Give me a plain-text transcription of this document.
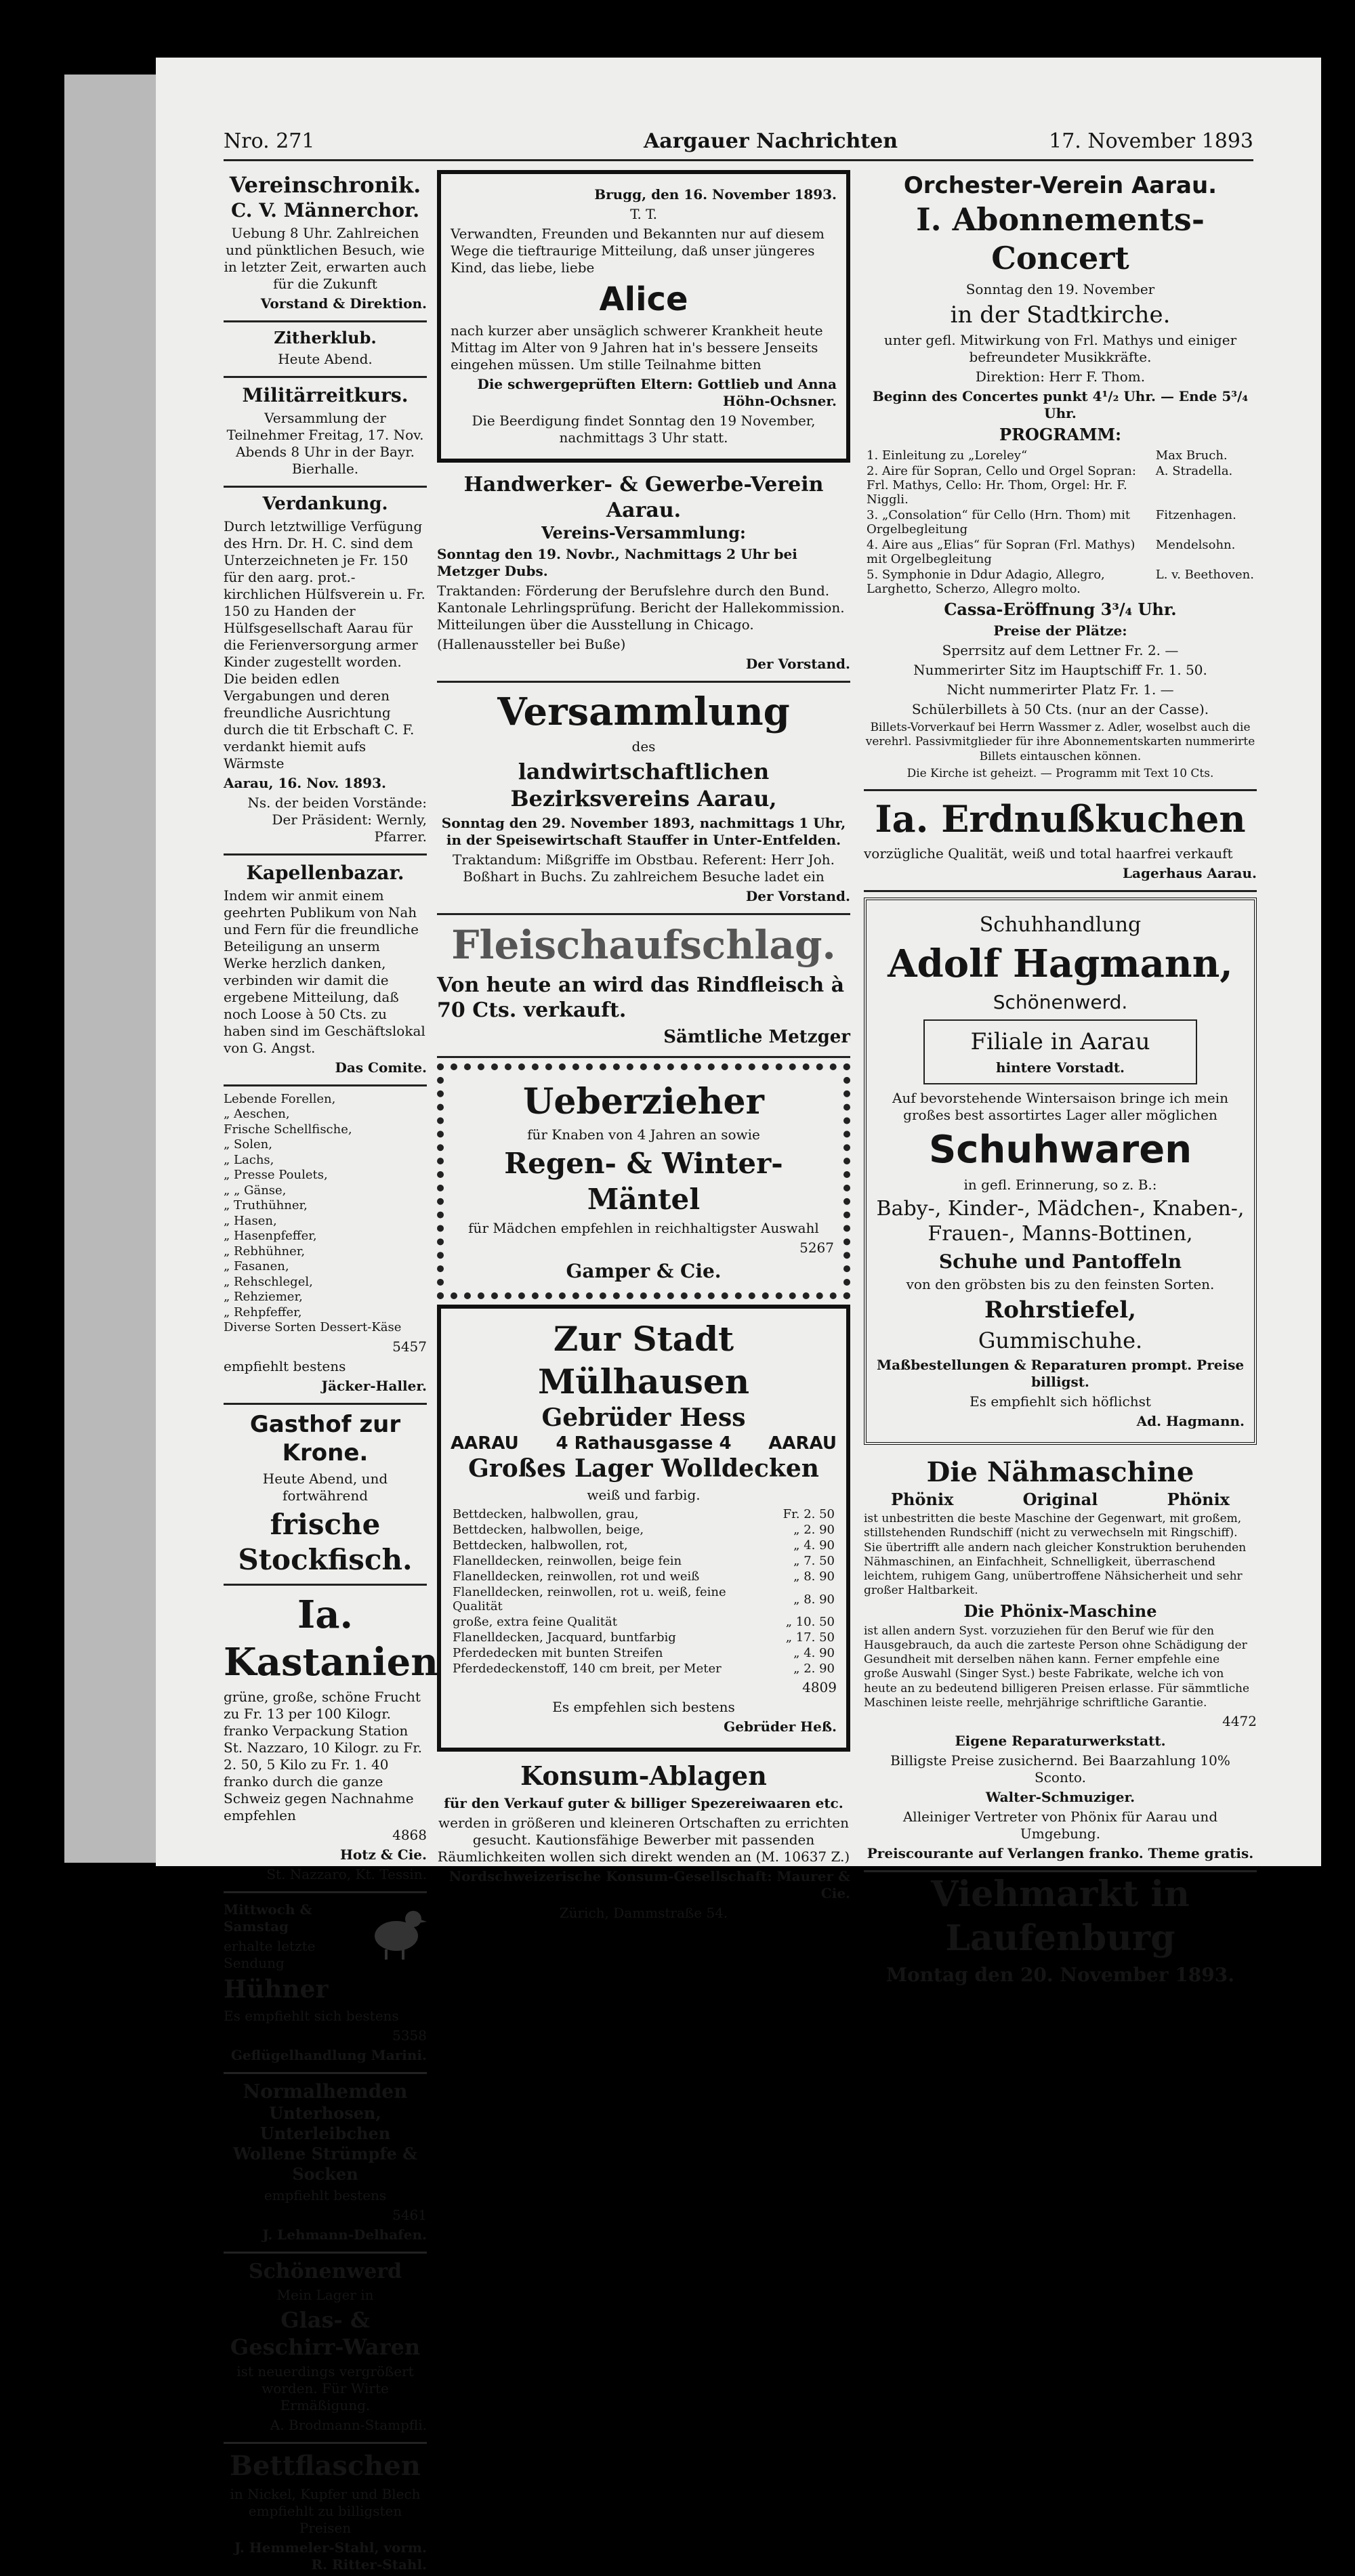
Nro. 271	Aargauer Nachrichten	17. November 1893

Vereinschronik.

C. V. Männerchor.

Uebung 8 Uhr. Zahlreichen und pünktlichen Besuch, wie in letzter Zeit, erwarten auch für die Zukunft

Vorstand & Direktion.

Zitherklub.

Heute Abend.

Militärreitkurs.

Versammlung der Teilnehmer Freitag, 17. Nov. Abends 8 Uhr in der Bayr. Bierhalle.

Verdankung.

Durch letztwillige Verfügung des Hrn. Dr. H. C. sind dem Unterzeichneten je Fr. 150 für den aarg. prot.-kirchlichen Hülfsverein u. Fr. 150 zu Handen der Hülfsgesellschaft Aarau für die Ferienversorgung armer Kinder zugestellt worden. Die beiden edlen Vergabungen und deren freundliche Ausrichtung durch die tit Erbschaft C. F. verdankt hiemit aufs Wärmste

Aarau, 16. Nov. 1893.

Ns. der beiden Vorstände: Der Präsident: Wernly, Pfarrer.

Kapellenbazar.

Indem wir anmit einem geehrten Publikum von Nah und Fern für die freundliche Beteiligung an unserm Werke herzlich danken, verbinden wir damit die ergebene Mitteilung, daß noch Loose à 50 Cts. zu haben sind im Geschäftslokal von G. Angst.

Das Comite.

Lebende Forellen,

„ Aeschen,

Frische Schellfische,

„ Solen,

„ Lachs,

„ Presse Poulets,

„ „ Gänse,

„ Truthühner,

„ Hasen,

„ Hasenpfeffer,

„ Rebhühner,

„ Fasanen,

„ Rehschlegel,

„ Rehziemer,

„ Rehpfeffer,

Diverse Sorten Dessert-Käse

5457

empfiehlt bestens

Jäcker-Haller.

Gasthof zur Krone.

Heute Abend, und fortwährend

frische Stockfisch.

Ia. Kastanien

grüne, große, schöne Frucht zu Fr. 13 per 100 Kilogr. franko Verpackung Station St. Nazzaro, 10 Kilogr. zu Fr. 2. 50, 5 Kilo zu Fr. 1. 40 franko durch die ganze Schweiz gegen Nachnahme empfehlen

4868

Hotz & Cie.

St. Nazzaro, Kt. Tessin.

Mittwoch & Samstag

erhalte letzte Sendung

Hühner

Es empfiehlt sich bestens

5358

Geflügelhandlung Marini.

Normalhemden

Unterhosen, Unterleibchen

Wollene Strümpfe & Socken

empfiehlt bestens

5461

J. Lehmann-Delhafen.

Schönenwerd

Mein Lager in

Glas- & Geschirr-Waren

ist neuerdings vergrößert worden. Für Wirte Ermäßigung.

A. Brodmann-Stampfli.

Bettflaschen

in Nickel, Kupfer und Blech empfiehlt zu billigsten Preisen

J. Hemmeler-Stahl, vorm. R. Ritter-Stahl.

Brugg, den 16. November 1893.

T. T.

Verwandten, Freunden und Bekannten nur auf diesem Wege die tieftraurige Mitteilung, daß unser jüngeres Kind, das liebe, liebe

Alice

nach kurzer aber unsäglich schwerer Krankheit heute Mittag im Alter von 9 Jahren hat in's bessere Jenseits eingehen müssen. Um stille Teilnahme bitten

Die schwergeprüften Eltern: Gottlieb und Anna Höhn-Ochsner.

Die Beerdigung findet Sonntag den 19 November, nachmittags 3 Uhr statt.

Handwerker- & Gewerbe-Verein Aarau.

Vereins-Versammlung:

Sonntag den 19. Novbr., Nachmittags 2 Uhr bei Metzger Dubs.

Traktanden: Förderung der Berufslehre durch den Bund. Kantonale Lehrlingsprüfung. Bericht der Hallekommission. Mitteilungen über die Ausstellung in Chicago.

(Hallenaussteller bei Buße)

Der Vorstand.

Versammlung

des

landwirtschaftlichen Bezirksvereins Aarau,

Sonntag den 29. November 1893, nachmittags 1 Uhr, in der Speisewirtschaft Stauffer in Unter-Entfelden.

Traktandum: Mißgriffe im Obstbau. Referent: Herr Joh. Boßhart in Buchs. Zu zahlreichem Besuche ladet ein

Der Vorstand.

Fleischaufschlag.

Von heute an wird das Rindfleisch à 70 Cts. verkauft.

Sämtliche Metzger

Ueberzieher

für Knaben von 4 Jahren an sowie

Regen- & Winter-Mäntel

für Mädchen empfehlen in reichhaltigster Auswahl

5267

Gamper & Cie.

Zur Stadt Mülhausen

Gebrüder Hess

AARAU 4 Rathausgasse 4 AARAU

Großes Lager Wolldecken

weiß und farbig.

Bettdecken, halbwollen, grau,	Fr. 2. 50
Bettdecken, halbwollen, beige,	„ 2. 90
Bettdecken, halbwollen, rot,	„ 4. 90
Flanelldecken, reinwollen, beige fein	„ 7. 50
Flanelldecken, reinwollen, rot und weiß	„ 8. 90
Flanelldecken, reinwollen, rot u. weiß, feine Qualität	„ 8. 90
große, extra feine Qualität	„ 10. 50
Flanelldecken, Jacquard, buntfarbig	„ 17. 50
Pferdedecken mit bunten Streifen	„ 4. 90
Pferdedeckenstoff, 140 cm breit, per Meter	„ 2. 90

4809

Es empfehlen sich bestens

Gebrüder Heß.

Konsum-Ablagen

für den Verkauf guter & billiger Spezereiwaaren etc.

werden in größeren und kleineren Ortschaften zu errichten gesucht. Kautionsfähige Bewerber mit passenden Räumlichkeiten wollen sich direkt wenden an (M. 10637 Z.)

Nordschweizerische Konsum-Gesellschaft: Maurer & Cie.

Zürich, Dammstraße 54.

Orchester-Verein Aarau.

I. Abonnements-Concert

Sonntag den 19. November

in der Stadtkirche.

unter gefl. Mitwirkung von Frl. Mathys und einiger befreundeter Musikkräfte.

Direktion: Herr F. Thom.

Beginn des Concertes punkt 4¹/₂ Uhr. — Ende 5³/₄ Uhr.

PROGRAMM:

1. Einleitung zu „Loreley“	Max Bruch.
2. Aire für Sopran, Cello und Orgel Sopran: Frl. Mathys, Cello: Hr. Thom, Orgel: Hr. F. Niggli.	A. Stradella.
3. „Consolation“ für Cello (Hrn. Thom) mit Orgelbegleitung	Fitzenhagen.
4. Aire aus „Elias“ für Sopran (Frl. Mathys) mit Orgelbegleitung	Mendelsohn.
5. Symphonie in Ddur Adagio, Allegro, Larghetto, Scherzo, Allegro molto.	L. v. Beethoven.

Cassa-Eröffnung 3³/₄ Uhr.

Preise der Plätze:

Sperrsitz auf dem Lettner Fr. 2. —

Nummerirter Sitz im Hauptschiff Fr. 1. 50.

Nicht nummerirter Platz Fr. 1. —

Schülerbillets à 50 Cts. (nur an der Casse).

Billets-Vorverkauf bei Herrn Wassmer z. Adler, woselbst auch die verehrl. Passivmitglieder für ihre Abonnementskarten nummerirte Billets eintauschen können.

Die Kirche ist geheizt. — Programm mit Text 10 Cts.

Ia. Erdnußkuchen

vorzügliche Qualität, weiß und total haarfrei verkauft

Lagerhaus Aarau.

Schuhhandlung

Adolf Hagmann,

Schönenwerd.

Filiale in Aarau

hintere Vorstadt.

Auf bevorstehende Wintersaison bringe ich mein großes best assortirtes Lager aller möglichen

Schuhwaren

in gefl. Erinnerung, so z. B.:

Baby-, Kinder-, Mädchen-, Knaben-, Frauen-, Manns-Bottinen,

Schuhe und Pantoffeln

von den gröbsten bis zu den feinsten Sorten.

Rohrstiefel,

Gummischuhe.

Maßbestellungen & Reparaturen prompt. Preise billigst.

Es empfiehlt sich höflichst

Ad. Hagmann.

Die Nähmaschine

Phönix	Original	Phönix

ist unbestritten die beste Maschine der Gegenwart, mit großem, stillstehenden Rundschiff (nicht zu verwechseln mit Ringschiff). Sie übertrifft alle andern nach gleicher Konstruktion beruhenden Nähmaschinen, an Einfachheit, Schnelligkeit, überraschend leichtem, ruhigem Gang, unübertroffene Nähsicherheit und sehr großer Haltbarkeit.

Die Phönix-Maschine

ist allen andern Syst. vorzuziehen für den Beruf wie für den Hausgebrauch, da auch die zarteste Person ohne Schädigung der Gesundheit mit derselben nähen kann. Ferner empfehle eine große Auswahl (Singer Syst.) beste Fabrikate, welche ich von heute an zu bedeutend billigeren Preisen erlasse. Für sämmtliche Maschinen leiste reelle, mehrjährige schriftliche Garantie.

4472

Eigene Reparaturwerkstatt.

Billigste Preise zusichernd. Bei Baarzahlung 10% Sconto.

Walter-Schmuziger.

Alleiniger Vertreter von Phönix für Aarau und Umgebung.

Preiscourante auf Verlangen franko. Theme gratis.

Viehmarkt in Laufenburg

Montag den 20. November 1893.
